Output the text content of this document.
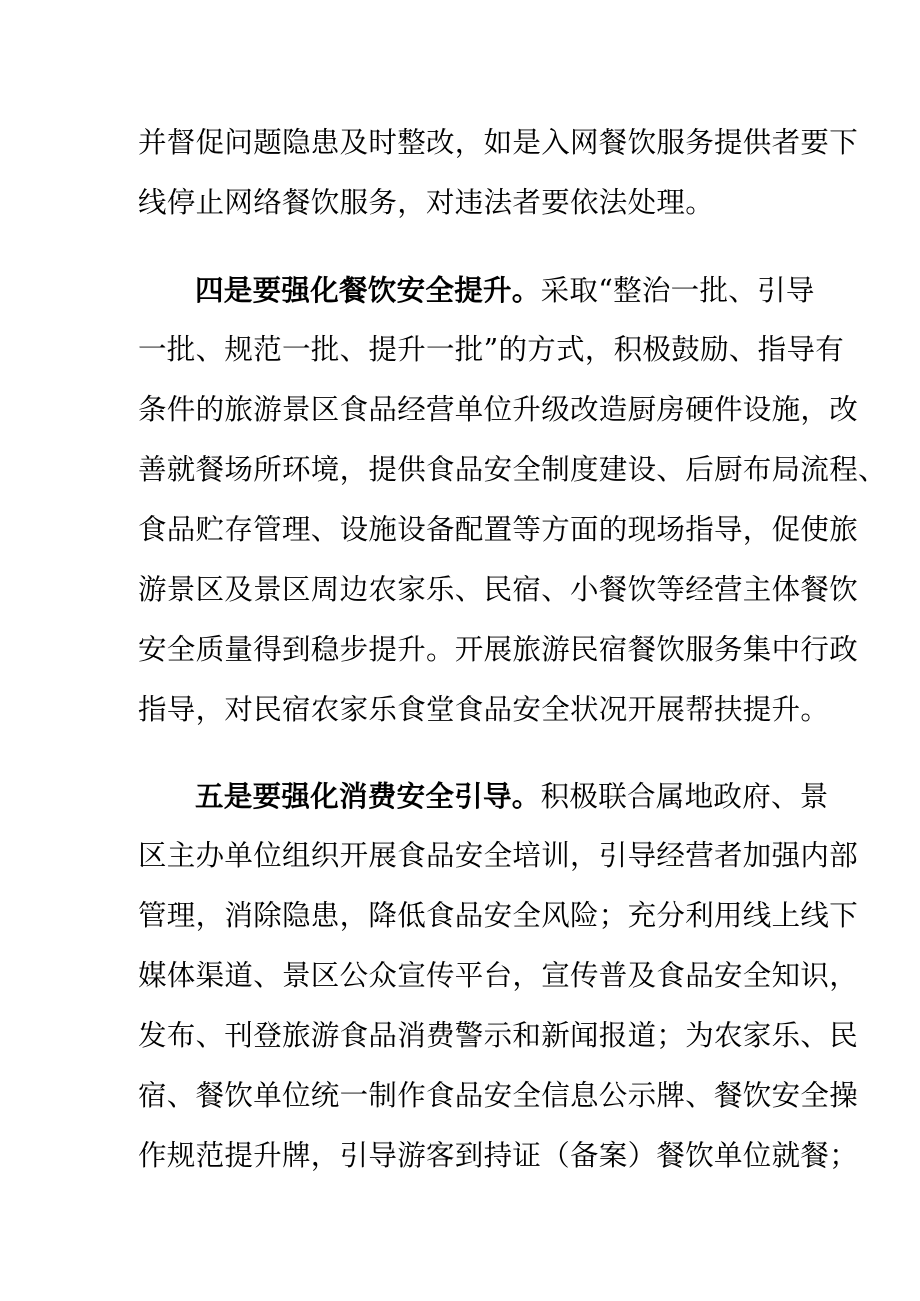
并督促问题隐患及时整改，如是入网餐饮服务提供者要下
线停止网络餐饮服务，对违法者要依法处理。
四是要强化餐饮安全提升。采取“整治一批、引导
一批、规范一批、提升一批”的方式，积极鼓励、指导有
条件的旅游景区食品经营单位升级改造厨房硬件设施，改
善就餐场所环境，提供食品安全制度建设、后厨布局流程、
食品贮存管理、设施设备配置等方面的现场指导，促使旅
游景区及景区周边农家乐、民宿、小餐饮等经营主体餐饮
安全质量得到稳步提升。开展旅游民宿餐饮服务集中行政
指导，对民宿农家乐食堂食品安全状况开展帮扶提升。
五是要强化消费安全引导。积极联合属地政府、景
区主办单位组织开展食品安全培训，引导经营者加强内部
管理，消除隐患，降低食品安全风险；充分利用线上线下
媒体渠道、景区公众宣传平台，宣传普及食品安全知识，
发布、刊登旅游食品消费警示和新闻报道；为农家乐、民
宿、餐饮单位统一制作食品安全信息公示牌、餐饮安全操
作规范提升牌，引导游客到持证（备案）餐饮单位就餐；
